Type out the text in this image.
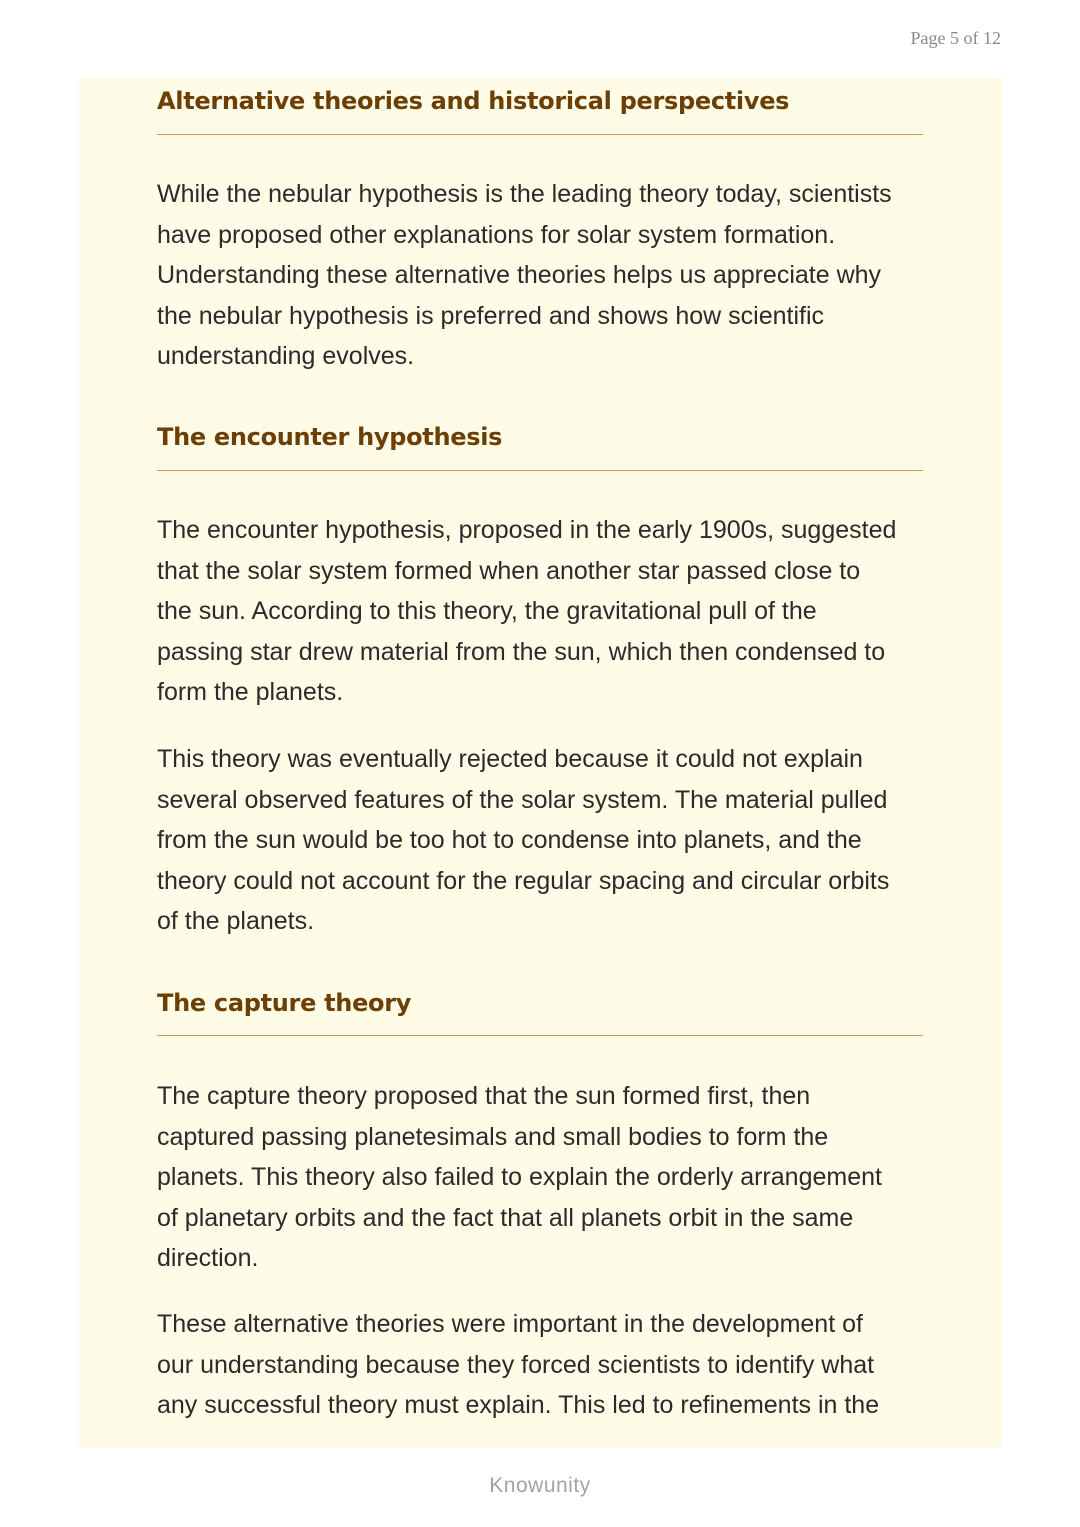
Page 5 of 12
Alternative theories and historical perspectives

While the nebular hypothesis is the leading theory today, scientists

have proposed other explanations for solar system formation.

Understanding these alternative theories helps us appreciate why

the nebular hypothesis is preferred and shows how scientific

understanding evolves.

The encounter hypothesis

The encounter hypothesis, proposed in the early 1900s, suggested

that the solar system formed when another star passed close to

the sun. According to this theory, the gravitational pull of the

passing star drew material from the sun, which then condensed to

form the planets.

This theory was eventually rejected because it could not explain

several observed features of the solar system. The material pulled

from the sun would be too hot to condense into planets, and the

theory could not account for the regular spacing and circular orbits

of the planets.

The capture theory

The capture theory proposed that the sun formed first, then

captured passing planetesimals and small bodies to form the

planets. This theory also failed to explain the orderly arrangement

of planetary orbits and the fact that all planets orbit in the same

direction.

These alternative theories were important in the development of

our understanding because they forced scientists to identify what

any successful theory must explain. This led to refinements in the

Knowunity
